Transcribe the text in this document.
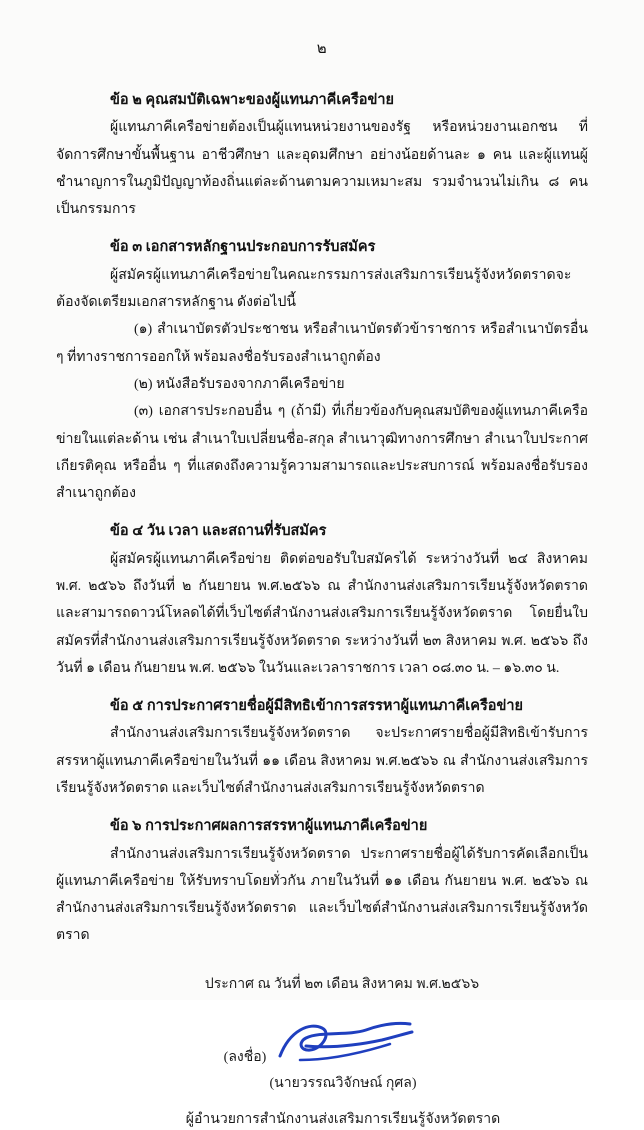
๒

ข้อ ๒ คุณสมบัติเฉพาะของผู้แทนภาคีเครือข่าย

ผู้แทนภาคีเครือข่ายต้องเป็นผู้แทนหน่วยงานของรัฐ หรือหน่วยงานเอกชน ที่จัดการศึกษาขั้นพื้นฐาน อาชีวศึกษา และอุดมศึกษา อย่างน้อยด้านละ ๑ คน และผู้แทนผู้ชำนาญการในภูมิปัญญาท้องถิ่นแต่ละด้านตามความเหมาะสม รวมจำนวนไม่เกิน ๘ คน เป็นกรรมการ

ข้อ ๓ เอกสารหลักฐานประกอบการรับสมัคร

ผู้สมัครผู้แทนภาคีเครือข่ายในคณะกรรมการส่งเสริมการเรียนรู้จังหวัดตราดจะต้องจัดเตรียมเอกสารหลักฐาน ดังต่อไปนี้

(๑) สำเนาบัตรตัวประชาชน หรือสำเนาบัตรตัวข้าราชการ หรือสำเนาบัตรอื่น ๆ ที่ทางราชการออกให้ พร้อมลงชื่อรับรองสำเนาถูกต้อง

(๒) หนังสือรับรองจากภาคีเครือข่าย

(๓) เอกสารประกอบอื่น ๆ (ถ้ามี) ที่เกี่ยวข้องกับคุณสมบัติของผู้แทนภาคีเครือข่ายในแต่ละด้าน เช่น สำเนาใบเปลี่ยนชื่อ-สกุล สำเนาวุฒิทางการศึกษา สำเนาใบประกาศเกียรติคุณ หรืออื่น ๆ ที่แสดงถึงความรู้ความสามารถและประสบการณ์ พร้อมลงชื่อรับรองสำเนาถูกต้อง

ข้อ ๔ วัน เวลา และสถานที่รับสมัคร

ผู้สมัครผู้แทนภาคีเครือข่าย ติดต่อขอรับใบสมัครได้ ระหว่างวันที่ ๒๔ สิงหาคม พ.ศ. ๒๕๖๖ ถึงวันที่ ๒ กันยายน พ.ศ.๒๕๖๖ ณ สำนักงานส่งเสริมการเรียนรู้จังหวัดตราด และสามารถดาวน์โหลดได้ที่เว็บไซต์สำนักงานส่งเสริมการเรียนรู้จังหวัดตราด โดยยื่นใบสมัครที่สำนักงานส่งเสริมการเรียนรู้จังหวัดตราด ระหว่างวันที่ ๒๓ สิงหาคม พ.ศ. ๒๕๖๖ ถึงวันที่ ๑ เดือน กันยายน พ.ศ. ๒๕๖๖ ในวันและเวลาราชการ เวลา ๐๘.๓๐ น. – ๑๖.๓๐ น.

ข้อ ๕ การประกาศรายชื่อผู้มีสิทธิเข้าการสรรหาผู้แทนภาคีเครือข่าย

สำนักงานส่งเสริมการเรียนรู้จังหวัดตราด จะประกาศรายชื่อผู้มีสิทธิเข้ารับการสรรหาผู้แทนภาคีเครือข่ายในวันที่ ๑๑ เดือน สิงหาคม พ.ศ.๒๕๖๖ ณ สำนักงานส่งเสริมการเรียนรู้จังหวัดตราด และเว็บไซต์สำนักงานส่งเสริมการเรียนรู้จังหวัดตราด

ข้อ ๖ การประกาศผลการสรรหาผู้แทนภาคีเครือข่าย

สำนักงานส่งเสริมการเรียนรู้จังหวัดตราด ประกาศรายชื่อผู้ได้รับการคัดเลือกเป็นผู้แทนภาคีเครือข่าย ให้รับทราบโดยทั่วกัน ภายในวันที่ ๑๑ เดือน กันยายน พ.ศ. ๒๕๖๖ ณ สำนักงานส่งเสริมการเรียนรู้จังหวัดตราด และเว็บไซต์สำนักงานส่งเสริมการเรียนรู้จังหวัดตราด

ประกาศ ณ วันที่ ๒๓ เดือน สิงหาคม พ.ศ.๒๕๖๖

(ลงชื่อ)

(นายวรรณวิจักษณ์ กุศล)

ผู้อำนวยการสำนักงานส่งเสริมการเรียนรู้จังหวัดตราด
